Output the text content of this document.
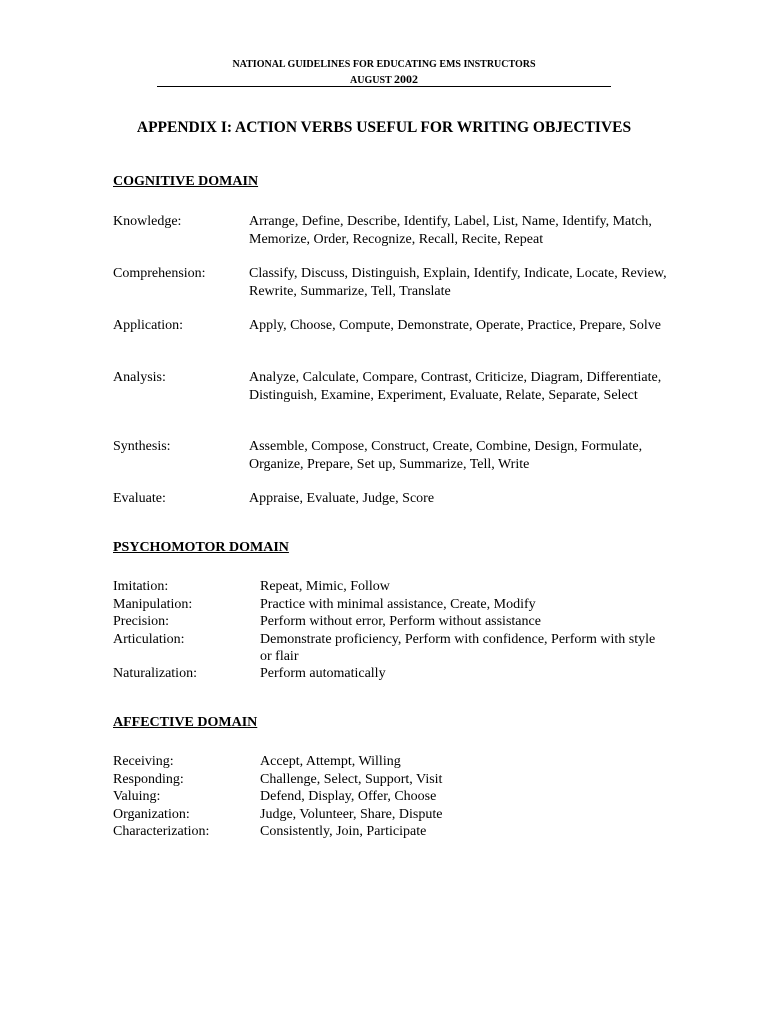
NATIONAL GUIDELINES FOR EDUCATING EMS INSTRUCTORS
AUGUST 2002
APPENDIX I: ACTION VERBS USEFUL FOR WRITING OBJECTIVES
COGNITIVE DOMAIN
Knowledge:	Arrange, Define, Describe, Identify, Label, List, Name, Identify, Match, Memorize, Order, Recognize, Recall, Recite, Repeat
Comprehension:	Classify, Discuss, Distinguish, Explain, Identify, Indicate, Locate, Review, Rewrite, Summarize, Tell, Translate
Application:	Apply, Choose, Compute, Demonstrate, Operate, Practice, Prepare, Solve
Analysis:	Analyze, Calculate, Compare, Contrast, Criticize, Diagram, Differentiate, Distinguish, Examine, Experiment, Evaluate, Relate, Separate, Select
Synthesis:	Assemble, Compose, Construct, Create, Combine, Design, Formulate, Organize, Prepare, Set up, Summarize, Tell, Write
Evaluate:	Appraise, Evaluate, Judge, Score
PSYCHOMOTOR DOMAIN
Imitation:	Repeat, Mimic, Follow
Manipulation:	Practice with minimal assistance, Create, Modify
Precision:	Perform without error, Perform without assistance
Articulation:	Demonstrate proficiency, Perform with confidence, Perform with style or flair
Naturalization:	Perform automatically
AFFECTIVE DOMAIN
Receiving:	Accept, Attempt, Willing
Responding:	Challenge, Select, Support, Visit
Valuing:	Defend, Display, Offer, Choose
Organization:	Judge, Volunteer, Share, Dispute
Characterization:	Consistently, Join, Participate
